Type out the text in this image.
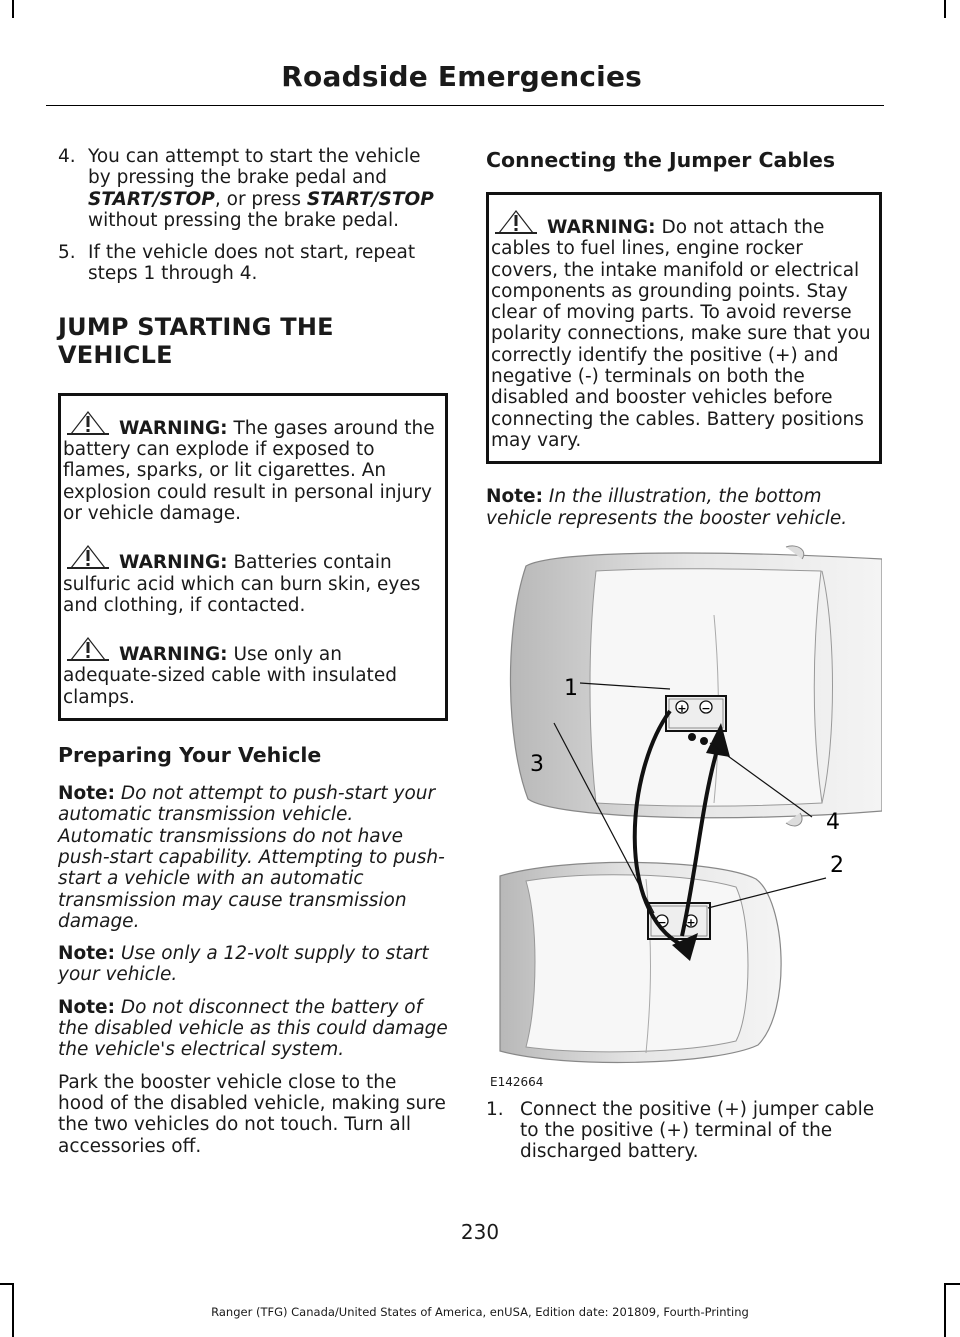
Roadside Emergencies
4. You can attempt to start the vehicle by pressing the brake pedal and START/STOP, or press START/STOP without pressing the brake pedal.
5. If the vehicle does not start, repeat steps 1 through 4.
JUMP STARTING THE VEHICLE
WARNING: The gases around the battery can explode if exposed to flames, sparks, or lit cigarettes. An explosion could result in personal injury or vehicle damage.
WARNING: Batteries contain sulfuric acid which can burn skin, eyes and clothing, if contacted.
WARNING: Use only an adequate-sized cable with insulated clamps.
Preparing Your Vehicle

Note: Do not attempt to push-start your automatic transmission vehicle. Automatic transmissions do not have push-start capability. Attempting to push-start a vehicle with an automatic transmission may cause transmission damage.

Note: Use only a 12-volt supply to start your vehicle.

Note: Do not disconnect the battery of the disabled vehicle as this could damage the vehicle's electrical system.

Park the booster vehicle close to the hood of the disabled vehicle, making sure the two vehicles do not touch. Turn all accessories off.

Connecting the Jumper Cables
WARNING: Do not attach the cables to fuel lines, engine rocker covers, the intake manifold or electrical components as grounding points. Stay clear of moving parts. To avoid reverse polarity connections, make sure that you correctly identify the positive (+) and negative (-) terminals on both the disabled and booster vehicles before connecting the cables. Battery positions may vary.

Note: In the illustration, the bottom vehicle represents the booster vehicle.

+ −
− +
1
2
3
4
E142664
1. Connect the positive (+) jumper cable to the positive (+) terminal of the discharged battery.
230
Ranger (TFG) Canada/United States of America, enUSA, Edition date: 201809, Fourth-Printing
